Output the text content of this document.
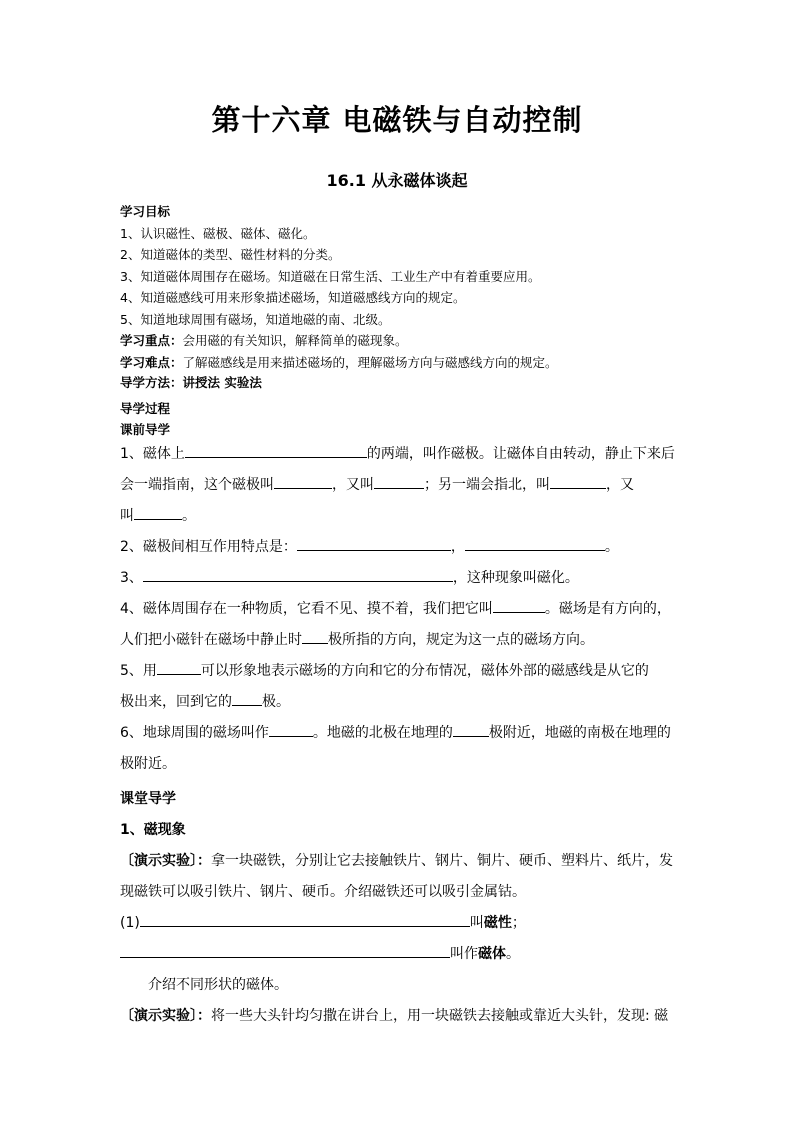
第十六章 电磁铁与自动控制
16.1 从永磁体谈起
学习目标
1、认识磁性、磁极、磁体、磁化。
2、知道磁体的类型、磁性材料的分类。
3、知道磁体周围存在磁场。知道磁在日常生活、工业生产中有着重要应用。
4、知道磁感线可用来形象描述磁场，知道磁感线方向的规定。
5、知道地球周围有磁场，知道地磁的南、北级。
学习重点：会用磁的有关知识，解释简单的磁现象。
学习难点：了解磁感线是用来描述磁场的，理解磁场方向与磁感线方向的规定。
导学方法：讲授法 实验法
导学过程
课前导学
1、磁体上	的两端，叫作磁极。让磁体自由转动，静止下来后
会一端指南，这个磁极叫	，又叫	；另一端会指北，叫	，又
叫	。
2、磁极间相互作用特点是：	，	。
3、	，这种现象叫磁化。
4、磁体周围存在一种物质，它看不见、摸不着，我们把它叫	。磁场是有方向的，
人们把小磁针在磁场中静止时 极所指的方向，规定为这一点的磁场方向。
5、用	可以形象地表示磁场的方向和它的分布情况，磁体外部的磁感线是从它的
极出来，回到它的 极。
6、地球周围的磁场叫作	。地磁的北极在地理的	极附近，地磁的南极在地理的
极附近。
课堂导学
1、磁现象
〔演示实验〕：拿一块磁铁，分别让它去接触铁片、钢片、铜片、硬币、塑料片、纸片，发
现磁铁可以吸引铁片、钢片、硬币。介绍磁铁还可以吸引金属钴。
(1)	叫磁性；
叫作磁体。
介绍不同形状的磁体。
〔演示实验〕：将一些大头针均匀撒在讲台上，用一块磁铁去接触或靠近大头针，发现: 磁
